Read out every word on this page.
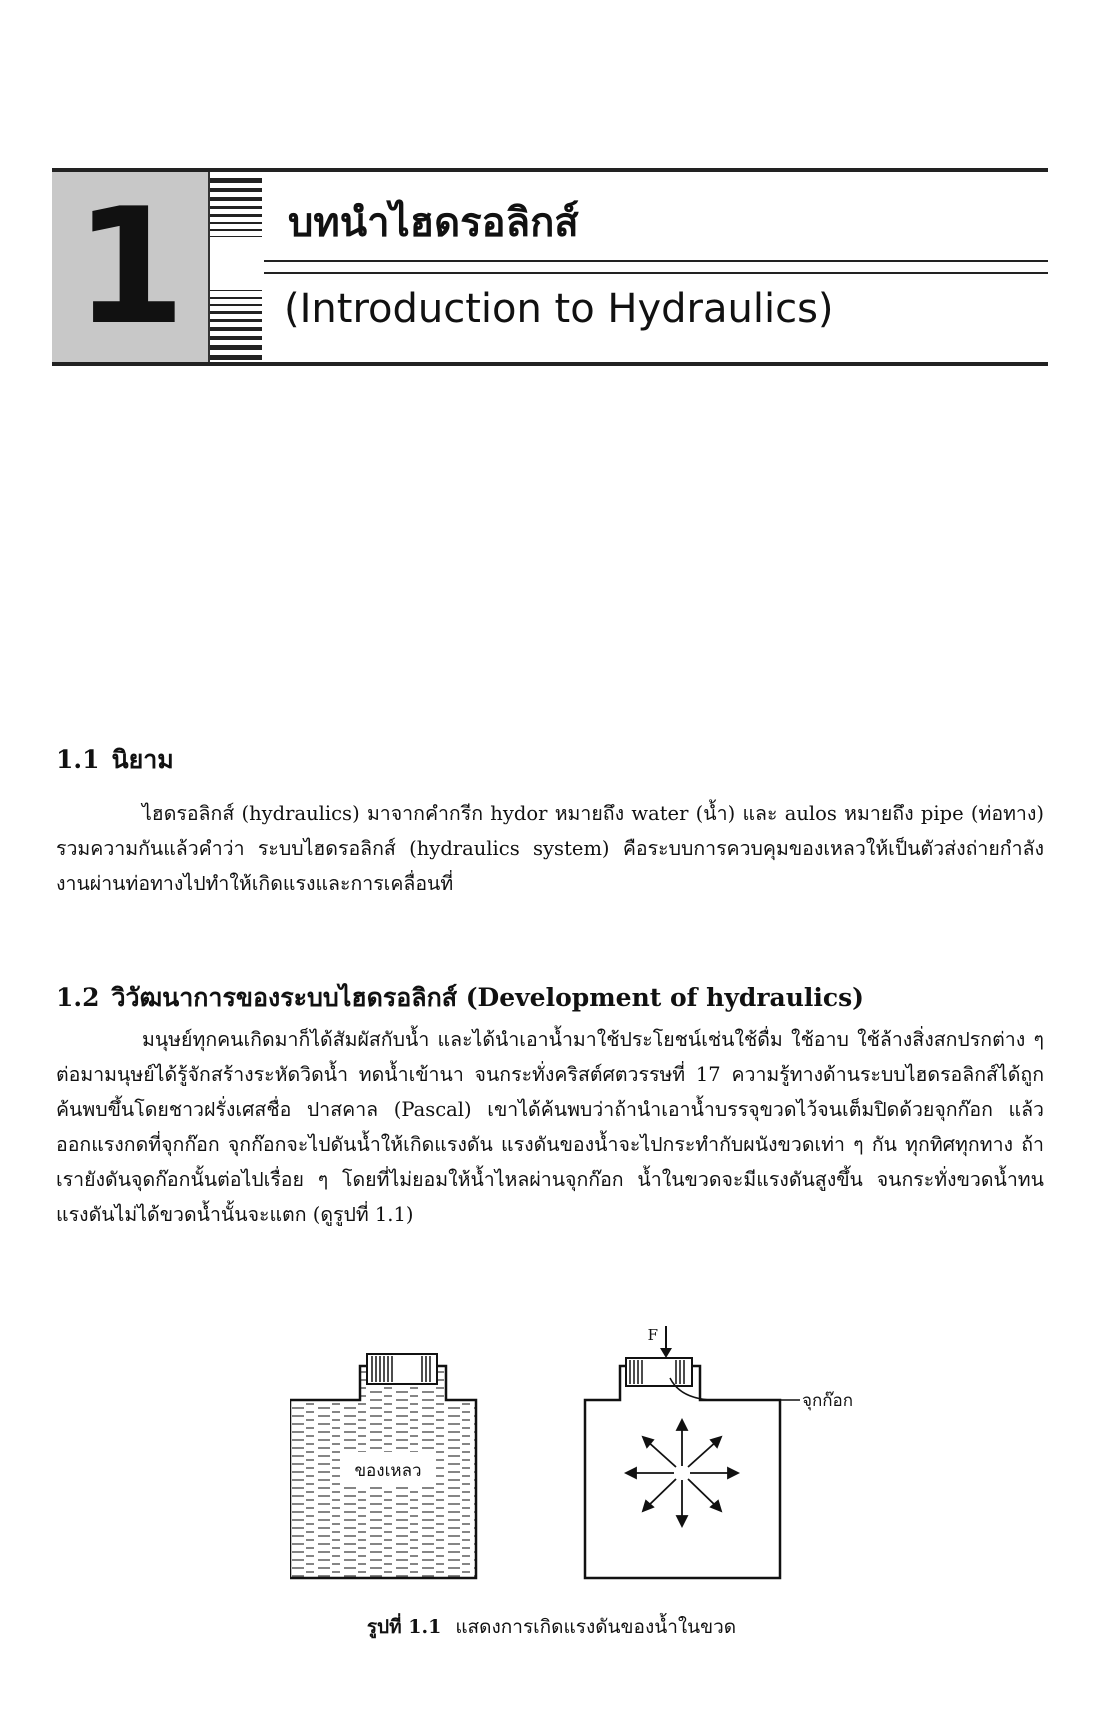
1	บทนำไฮดรอลิกส์
(Introduction to Hydraulics)
1.1 นิยาม

ไฮดรอลิกส์ (hydraulics) มาจากคำกรีก hydor หมายถึง water (น้ำ) และ aulos หมายถึง pipe (ท่อทาง) รวมความกันแล้วคำว่า ระบบไฮดรอลิกส์ (hydraulics system) คือระบบการควบคุมของเหลวให้เป็นตัวส่งถ่ายกำลังงานผ่านท่อทางไปทำให้เกิดแรงและการเคลื่อนที่

1.2 วิวัฒนาการของระบบไฮดรอลิกส์ (Development of hydraulics)

มนุษย์ทุกคนเกิดมาก็ได้สัมผัสกับน้ำ และได้นำเอาน้ำมาใช้ประโยชน์เช่นใช้ดื่ม ใช้อาบ ใช้ล้างสิ่งสกปรกต่าง ๆ ต่อมามนุษย์ได้รู้จักสร้างระหัดวิดน้ำ ทดน้ำเข้านา จนกระทั่งคริสต์ศตวรรษที่ 17 ความรู้ทางด้านระบบไฮดรอลิกส์ได้ถูกค้นพบขึ้นโดยชาวฝรั่งเศสชื่อ ปาสคาล (Pascal) เขาได้ค้นพบว่าถ้านำเอาน้ำบรรจุขวดไว้จนเต็มปิดด้วยจุกก๊อก แล้วออกแรงกดที่จุกก๊อก จุกก๊อกจะไปดันน้ำให้เกิดแรงดัน แรงดันของน้ำจะไปกระทำกับผนังขวดเท่า ๆ กัน ทุกทิศทุกทาง ถ้าเรายังดันจุดก๊อกนั้นต่อไปเรื่อย ๆ โดยที่ไม่ยอมให้น้ำไหลผ่านจุกก๊อก น้ำในขวดจะมีแรงดันสูงขึ้น จนกระทั่งขวดน้ำทนแรงดันไม่ได้ขวดน้ำนั้นจะแตก (ดูรูปที่ 1.1)

ของเหลว
F
จุกก๊อก
รูปที่ 1.1 แสดงการเกิดแรงดันของน้ำในขวด
